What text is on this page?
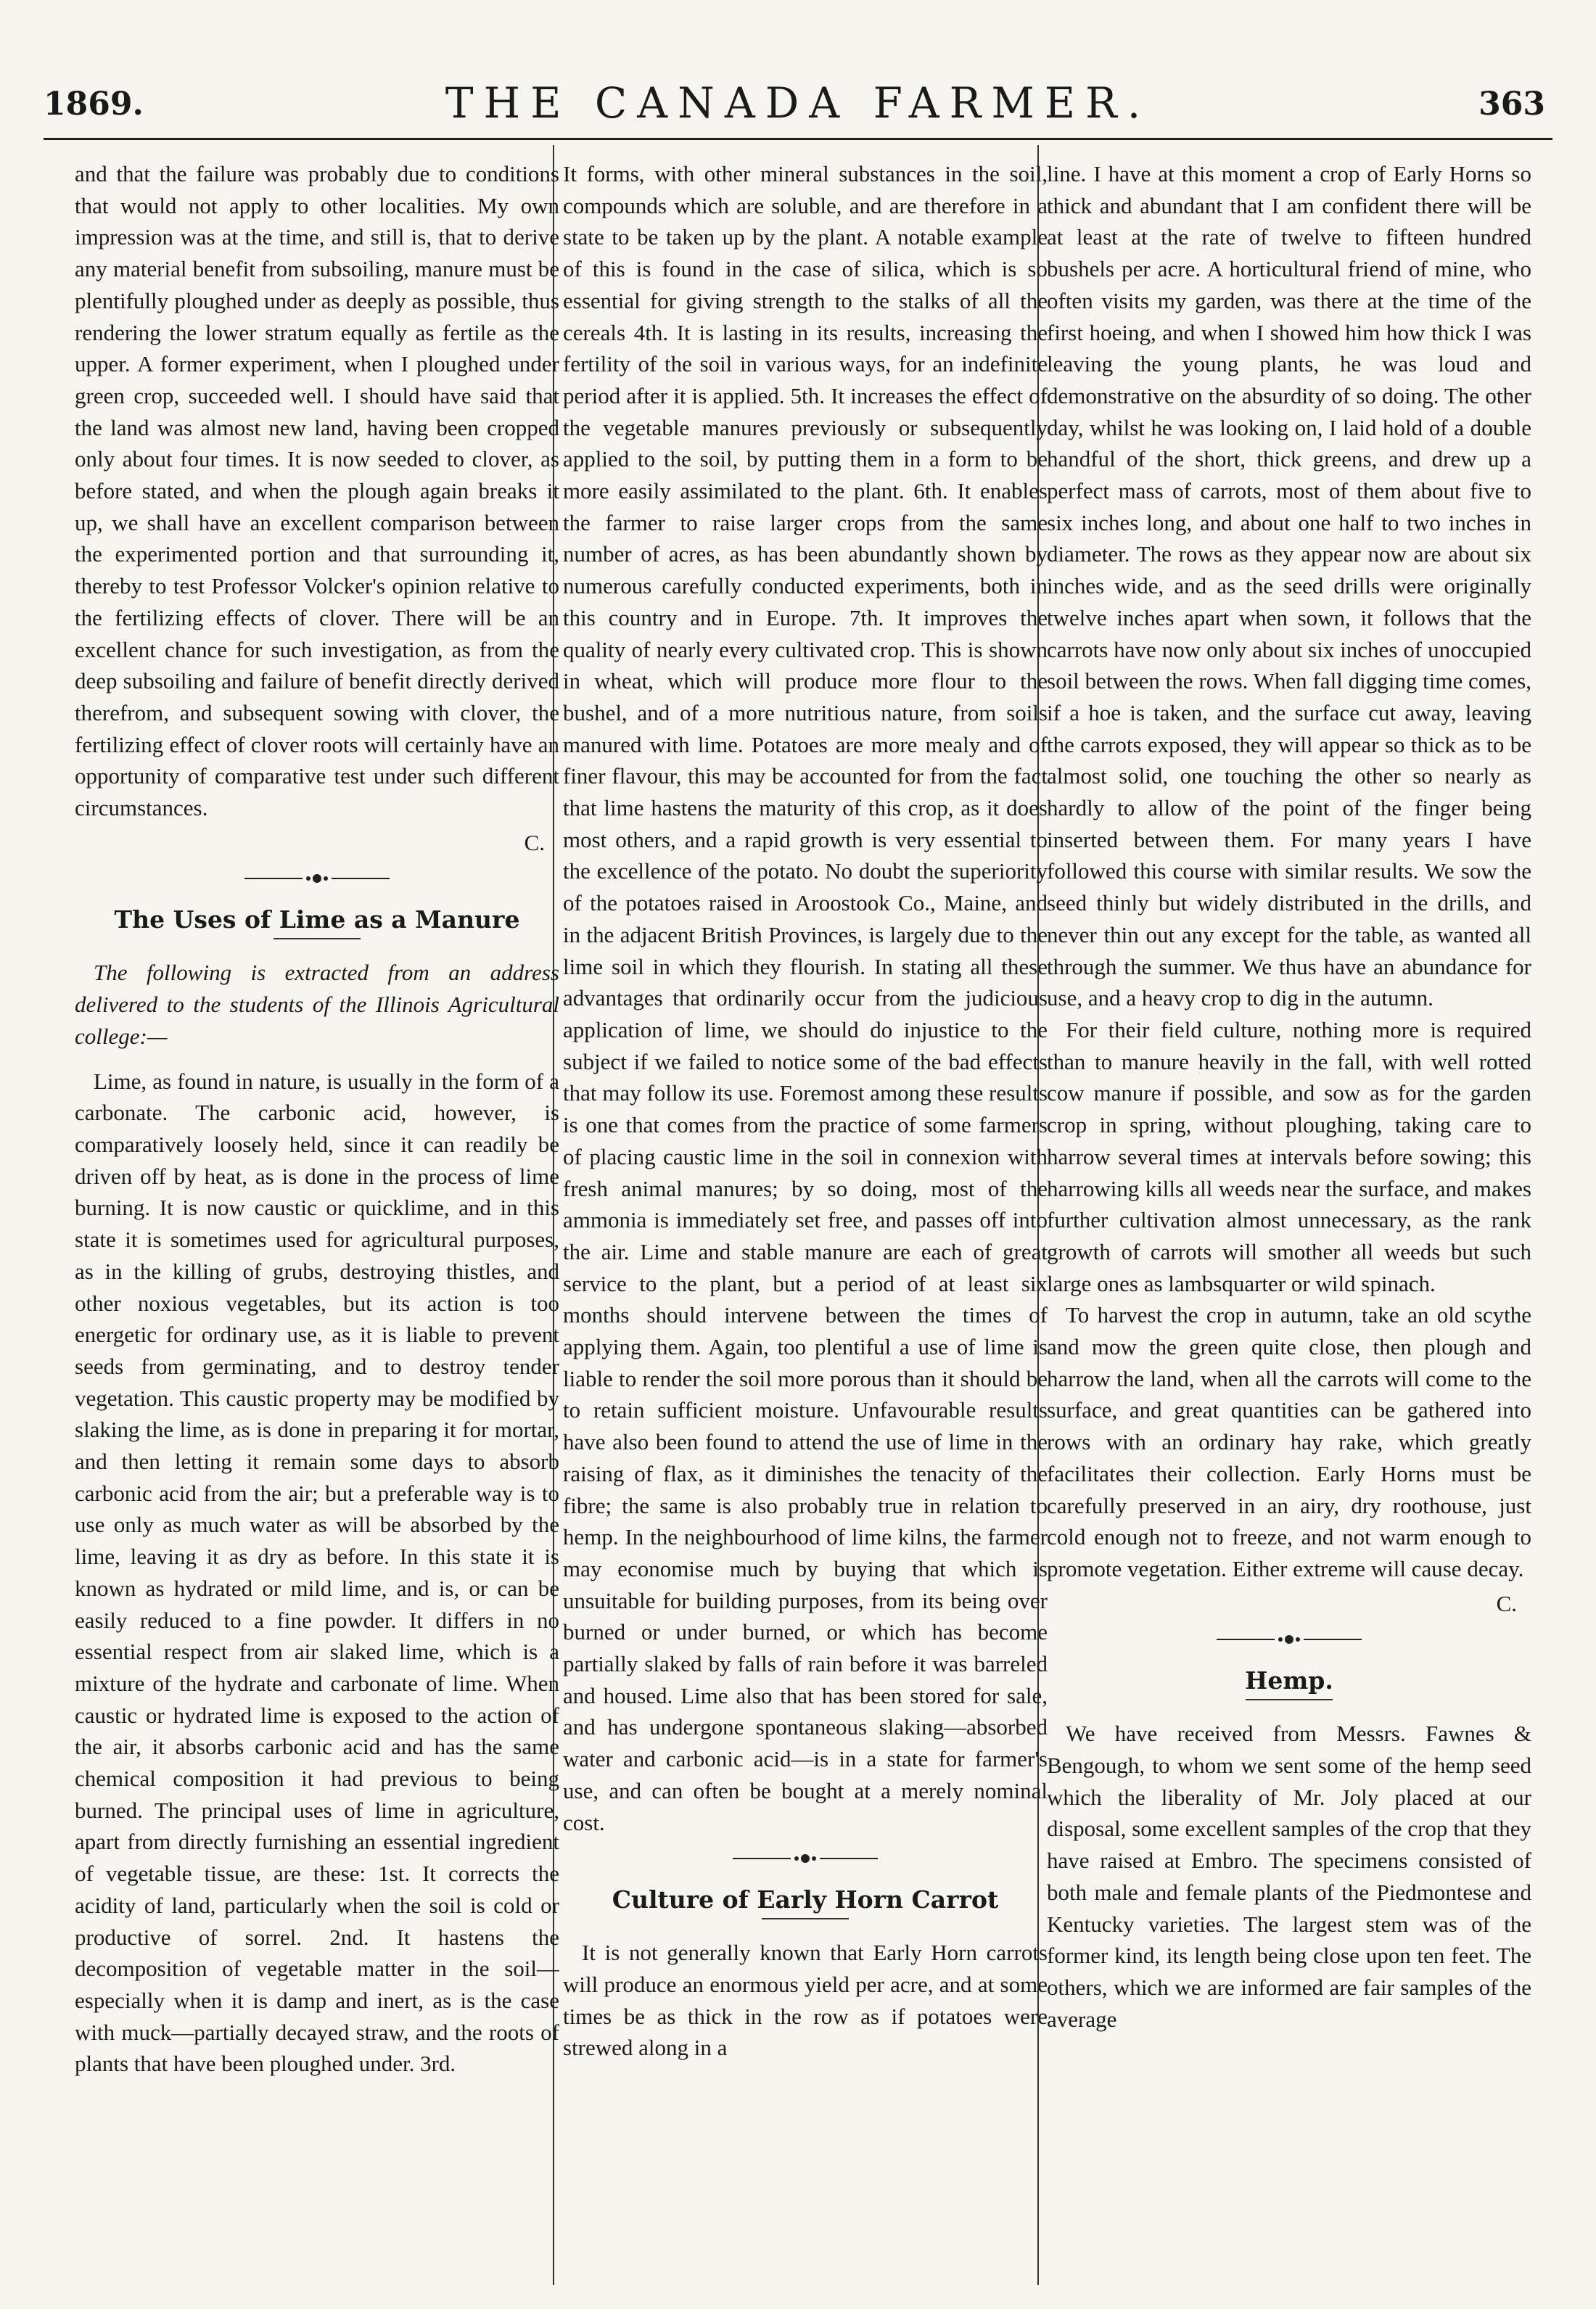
1869.	THE CANADA FARMER.	363

and that the failure was probably due to conditions that would not apply to other localities. My own impression was at the time, and still is, that to derive any material benefit from subsoiling, manure must be plentifully ploughed under as deeply as possible, thus rendering the lower stratum equally as fertile as the upper. A former experiment, when I ploughed under green crop, succeeded well. I should have said that the land was almost new land, having been cropped only about four times. It is now seeded to clover, as before stated, and when the plough again breaks it up, we shall have an excellent comparison between the experimented portion and that surrounding it, thereby to test Professor Volcker's opinion relative to the fertilizing effects of clover. There will be an excellent chance for such investigation, as from the deep subsoiling and failure of benefit directly derived therefrom, and subsequent sowing with clover, the fertilizing effect of clover roots will certainly have an opportunity of comparative test under such different circumstances.

C.
The Uses of Lime as a Manure

The following is extracted from an address delivered to the students of the Illinois Agricultural college:—

Lime, as found in nature, is usually in the form of a carbonate. The carbonic acid, however, is comparatively loosely held, since it can readily be driven off by heat, as is done in the process of lime burning. It is now caustic or quicklime, and in this state it is sometimes used for agricultural purposes, as in the killing of grubs, destroying thistles, and other noxious vegetables, but its action is too energetic for ordinary use, as it is liable to prevent seeds from germinating, and to destroy tender vegetation. This caustic property may be modified by slaking the lime, as is done in preparing it for mortar, and then letting it remain some days to absorb carbonic acid from the air; but a preferable way is to use only as much water as will be absorbed by the lime, leaving it as dry as before. In this state it is known as hydrated or mild lime, and is, or can be easily reduced to a fine powder. It differs in no essential respect from air slaked lime, which is a mixture of the hydrate and carbonate of lime. When caustic or hydrated lime is exposed to the action of the air, it absorbs carbonic acid and has the same chemical composition it had previous to being burned. The principal uses of lime in agriculture, apart from directly furnishing an essential ingredient of vegetable tissue, are these: 1st. It corrects the acidity of land, particularly when the soil is cold or productive of sorrel. 2nd. It hastens the decomposition of vegetable matter in the soil—especially when it is damp and inert, as is the case with muck—partially decayed straw, and the roots of plants that have been ploughed under. 3rd.

It forms, with other mineral substances in the soil, compounds which are soluble, and are therefore in a state to be taken up by the plant. A notable example of this is found in the case of silica, which is so essential for giving strength to the stalks of all the cereals 4th. It is lasting in its results, increasing the fertility of the soil in various ways, for an indefinite period after it is applied. 5th. It increases the effect of the vegetable manures previously or subsequently applied to the soil, by putting them in a form to be more easily assimilated to the plant. 6th. It enables the farmer to raise larger crops from the same number of acres, as has been abundantly shown by numerous carefully conducted experiments, both in this country and in Europe. 7th. It improves the quality of nearly every cultivated crop. This is shown in wheat, which will produce more flour to the bushel, and of a more nutritious nature, from soils manured with lime. Potatoes are more mealy and of finer flavour, this may be accounted for from the fact that lime hastens the maturity of this crop, as it does most others, and a rapid growth is very essential to the excellence of the potato. No doubt the superiority of the potatoes raised in Aroostook Co., Maine, and in the adjacent British Provinces, is largely due to the lime soil in which they flourish. In stating all these advantages that ordinarily occur from the judicious application of lime, we should do injustice to the subject if we failed to notice some of the bad effects that may follow its use. Foremost among these results is one that comes from the practice of some farmers of placing caustic lime in the soil in connexion with fresh animal manures; by so doing, most of the ammonia is immediately set free, and passes off into the air. Lime and stable manure are each of great service to the plant, but a period of at least six months should intervene between the times of applying them. Again, too plentiful a use of lime is liable to render the soil more porous than it should be to retain sufficient moisture. Unfavourable results have also been found to attend the use of lime in the raising of flax, as it diminishes the tenacity of the fibre; the same is also probably true in relation to hemp. In the neighbourhood of lime kilns, the farmer may economise much by buying that which is unsuitable for building purposes, from its being over burned or under burned, or which has become partially slaked by falls of rain before it was barreled and housed. Lime also that has been stored for sale, and has undergone spontaneous slaking—absorbed water and carbonic acid—is in a state for farmer's use, and can often be bought at a merely nominal cost.

Culture of Early Horn Carrot

It is not generally known that Early Horn carrots will produce an enormous yield per acre, and at some times be as thick in the row as if potatoes were strewed along in a

line. I have at this moment a crop of Early Horns so thick and abundant that I am confident there will be at least at the rate of twelve to fifteen hundred bushels per acre. A horticultural friend of mine, who often visits my garden, was there at the time of the first hoeing, and when I showed him how thick I was leaving the young plants, he was loud and demonstrative on the absurdity of so doing. The other day, whilst he was looking on, I laid hold of a double handful of the short, thick greens, and drew up a perfect mass of carrots, most of them about five to six inches long, and about one half to two inches in diameter. The rows as they appear now are about six inches wide, and as the seed drills were originally twelve inches apart when sown, it follows that the carrots have now only about six inches of unoccupied soil between the rows. When fall digging time comes, if a hoe is taken, and the surface cut away, leaving the carrots exposed, they will appear so thick as to be almost solid, one touching the other so nearly as hardly to allow of the point of the finger being inserted between them. For many years I have followed this course with similar results. We sow the seed thinly but widely distributed in the drills, and never thin out any except for the table, as wanted all through the summer. We thus have an abundance for use, and a heavy crop to dig in the autumn.

For their field culture, nothing more is required than to manure heavily in the fall, with well rotted cow manure if possible, and sow as for the garden crop in spring, without ploughing, taking care to harrow several times at intervals before sowing; this harrowing kills all weeds near the surface, and makes further cultivation almost unnecessary, as the rank growth of carrots will smother all weeds but such large ones as lambsquarter or wild spinach.

To harvest the crop in autumn, take an old scythe and mow the green quite close, then plough and harrow the land, when all the carrots will come to the surface, and great quantities can be gathered into rows with an ordinary hay rake, which greatly facilitates their collection. Early Horns must be carefully preserved in an airy, dry roothouse, just cold enough not to freeze, and not warm enough to promote vegetation. Either extreme will cause decay.

C.
Hemp.

We have received from Messrs. Fawnes & Bengough, to whom we sent some of the hemp seed which the liberality of Mr. Joly placed at our disposal, some excellent samples of the crop that they have raised at Embro. The specimens consisted of both male and female plants of the Piedmontese and Kentucky varieties. The largest stem was of the former kind, its length being close upon ten feet. The others, which we are informed are fair samples of the average
